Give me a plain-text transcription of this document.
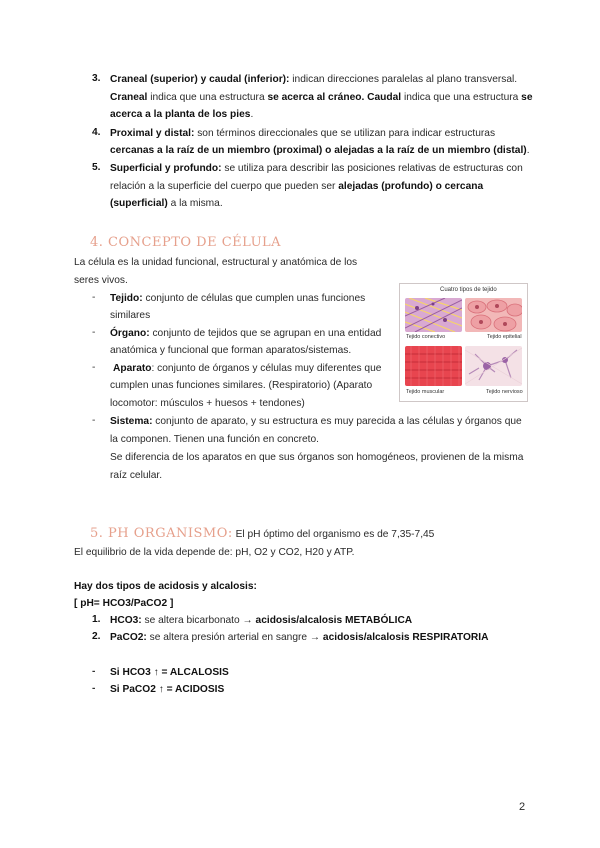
3. Craneal (superior) y caudal (inferior): indican direcciones paralelas al plano transversal.
Craneal indica que una estructura se acerca al cráneo. Caudal indica que una estructura se
acerca a la planta de los pies.
4. Proximal y distal: son términos direccionales que se utilizan para indicar estructuras
cercanas a la raíz de un miembro (proximal) o alejadas a la raíz de un miembro (distal).
5. Superficial y profundo: se utiliza para describir las posiciones relativas de estructuras con
relación a la superficie del cuerpo que pueden ser alejadas (profundo) o cercana
(superficial) a la misma.
4. CONCEPTO DE CÉLULA
La célula es la unidad funcional, estructural y anatómica de los
seres vivos.
- Tejido: conjunto de células que cumplen unas funciones
similares
- Órgano: conjunto de tejidos que se agrupan en una entidad
anatómica y funcional que forman aparatos/sistemas.
- Aparato: conjunto de órganos y células muy diferentes que
cumplen unas funciones similares. (Respiratorio) (Aparato
locomotor: músculos + huesos + tendones)
- Sistema: conjunto de aparato, y su estructura es muy parecida a las células y órganos que
la componen. Tienen una función en concreto.
Se diferencia de los aparatos en que sus órganos son homogéneos, provienen de la misma
raíz celular.
Cuatro tipos de tejido
Tejido conectivo	Tejido epitelial
Tejido muscular	Tejido nervioso
5. PH ORGANISMO: El pH óptimo del organismo es de 7,35-7,45
El equilibrio de la vida depende de: pH, O2 y CO2, H20 y ATP.
Hay dos tipos de acidosis y alcalosis:
[ pH= HCO3/PaCO2 ]
1. HCO3: se altera bicarbonato → acidosis/alcalosis METABÓLICA
2. PaCO2: se altera presión arterial en sangre → acidosis/alcalosis RESPIRATORIA
- Si HCO3 ↑ = ALCALOSIS
- Si PaCO2 ↑ = ACIDOSIS
2
